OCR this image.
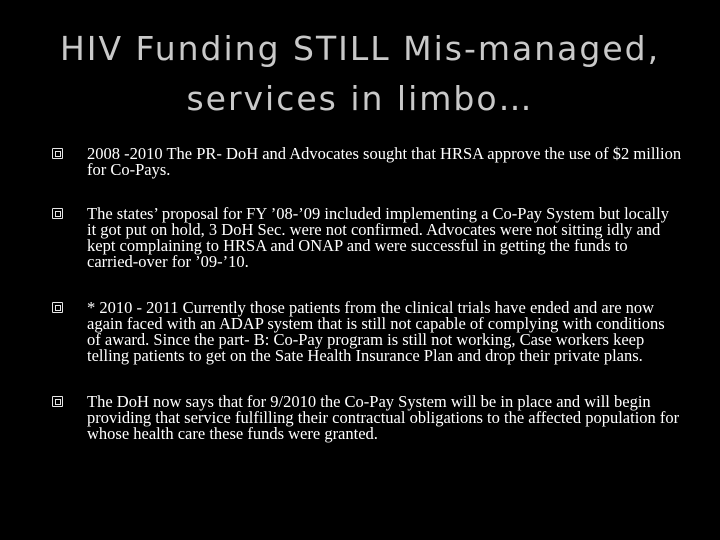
HIV Funding STILL Mis-managed,
services in limbo…
2008 -2010 The PR- DoH and Advocates sought that HRSA approve the use of $2 million for Co-Pays.
The states’ proposal for FY ’08-’09 included implementing a Co-Pay System but locally it got put on hold, 3 DoH Sec. were not confirmed. Advocates were not sitting idly and kept complaining to HRSA and ONAP and were successful in getting the funds to carried-over for ’09-’10.
* 2010 - 2011 Currently those patients from the clinical trials have ended and are now again faced with an ADAP system that is still not capable of complying with conditions of award. Since the part- B: Co-Pay program is still not working, Case workers keep telling patients to get on the Sate Health Insurance Plan and drop their private plans.
The DoH now says that for 9/2010 the Co-Pay System will be in place and will begin providing that service fulfilling their contractual obligations to the affected population for whose health care these funds were granted.
